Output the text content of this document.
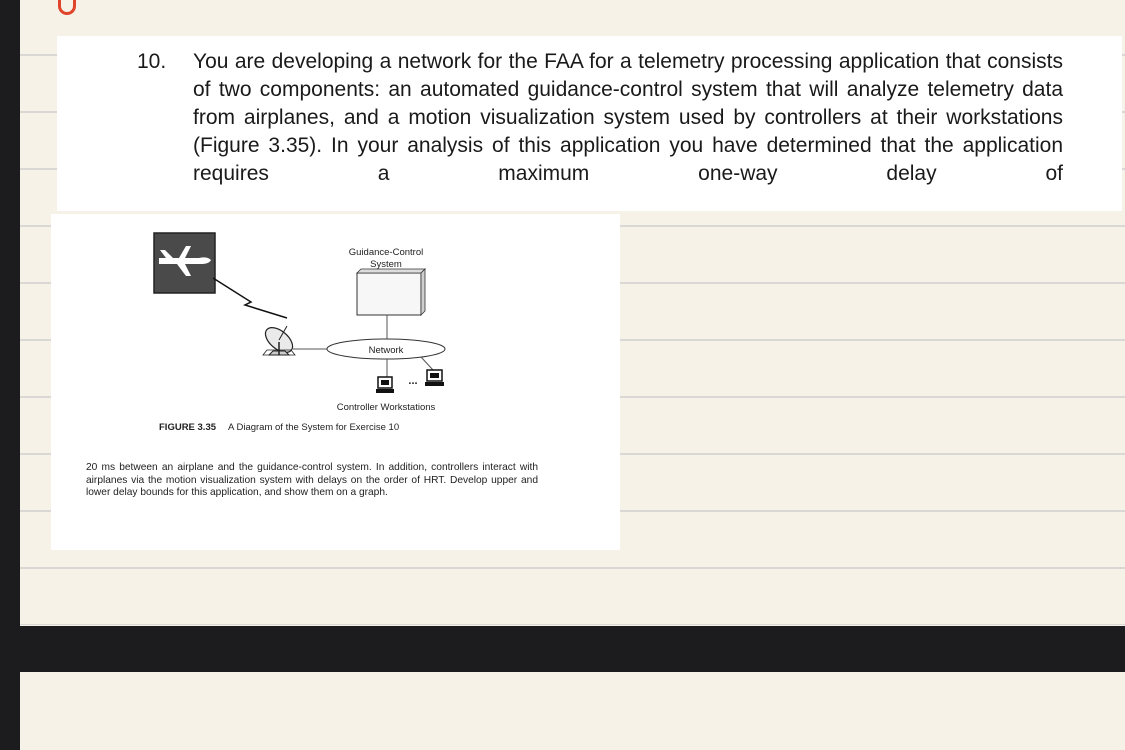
10. You are developing a network for the FAA for a telemetry processing application that consists of two components: an automated guidance-control system that will analyze telemetry data from airplanes, and a motion visualization system used by controllers at their workstations (Figure 3.35). In your analysis of this application you have determined that the application requires a maximum one-way delay of
Guidance-Control
System
Network
...
Controller Workstations
FIGURE 3.35 A Diagram of the System for Exercise 10
20 ms between an airplane and the guidance-control system. In addition, controllers interact with airplanes via the motion visualization system with delays on the order of HRT. Develop upper and lower delay bounds for this application, and show them on a graph.
